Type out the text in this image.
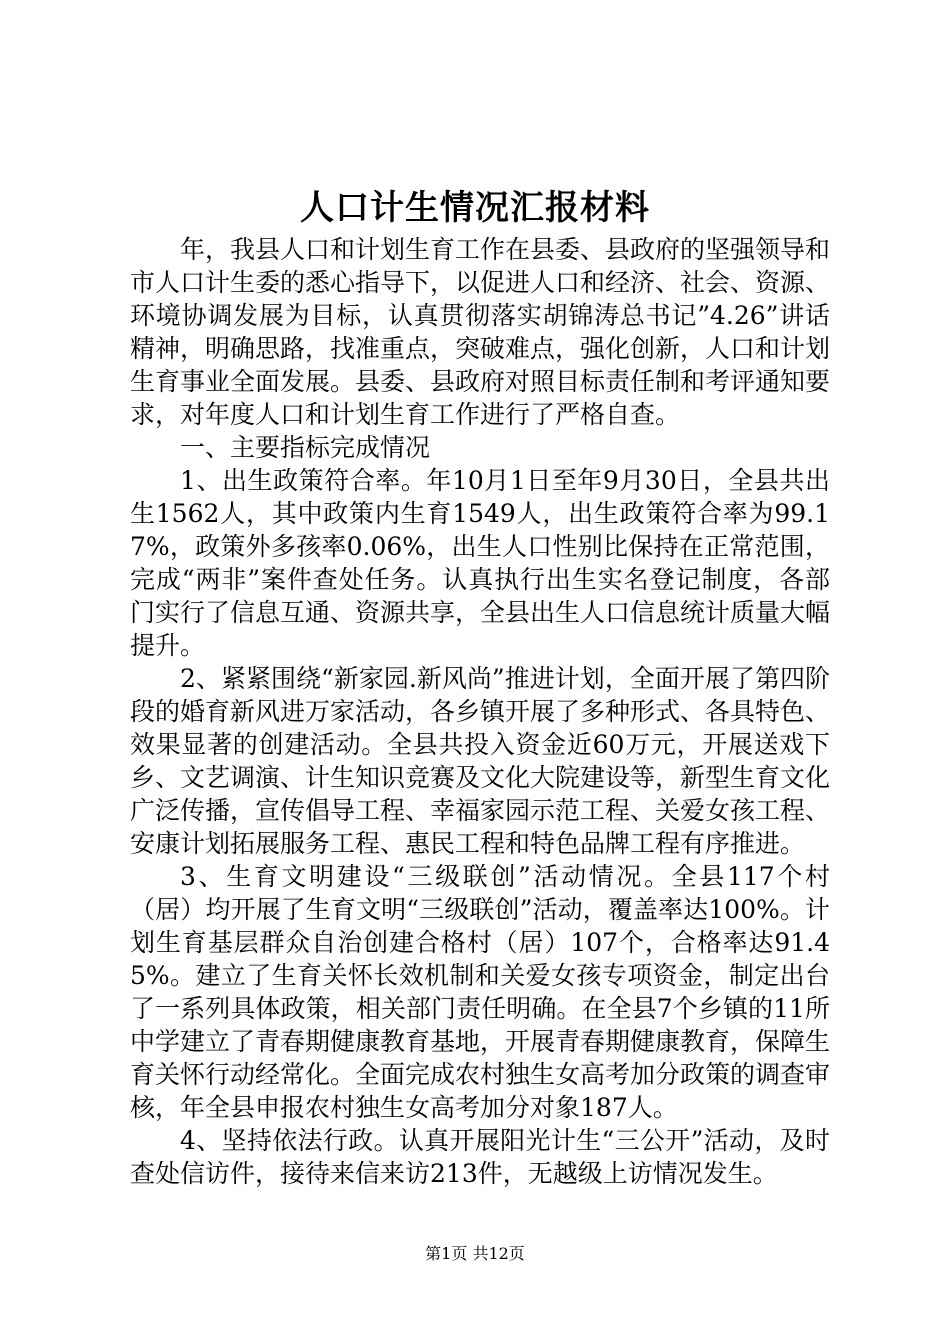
人口计生情况汇报材料

年，我县人口和计划生育工作在县委、县政府的坚强领导和市人口计生委的悉心指导下，以促进人口和经济、社会、资源、环境协调发展为目标，认真贯彻落实胡锦涛总书记”4.26”讲话精神，明确思路，找准重点，突破难点，强化创新，人口和计划生育事业全面发展。县委、县政府对照目标责任制和考评通知要求，对年度人口和计划生育工作进行了严格自查。

一、主要指标完成情况

1、出生政策符合率。年10月1日至年9月30日，全县共出生1562人，其中政策内生育1549人，出生政策符合率为99.17%，政策外多孩率0.06%，出生人口性别比保持在正常范围，完成“两非”案件查处任务。认真执行出生实名登记制度，各部门实行了信息互通、资源共享，全县出生人口信息统计质量大幅提升。

2、紧紧围绕“新家园.新风尚”推进计划，全面开展了第四阶段的婚育新风进万家活动，各乡镇开展了多种形式、各具特色、效果显著的创建活动。全县共投入资金近60万元，开展送戏下乡、文艺调演、计生知识竞赛及文化大院建设等，新型生育文化广泛传播，宣传倡导工程、幸福家园示范工程、关爱女孩工程、安康计划拓展服务工程、惠民工程和特色品牌工程有序推进。

3、生育文明建设“三级联创”活动情况。全县117个村（居）均开展了生育文明“三级联创”活动，覆盖率达100%。计划生育基层群众自治创建合格村（居）107个，合格率达91.45%。建立了生育关怀长效机制和关爱女孩专项资金，制定出台了一系列具体政策，相关部门责任明确。在全县7个乡镇的11所中学建立了青春期健康教育基地，开展青春期健康教育，保障生育关怀行动经常化。全面完成农村独生女高考加分政策的调查审核，年全县申报农村独生女高考加分对象187人。

4、坚持依法行政。认真开展阳光计生“三公开”活动，及时查处信访件，接待来信来访213件，无越级上访情况发生。

第1页 共12页
